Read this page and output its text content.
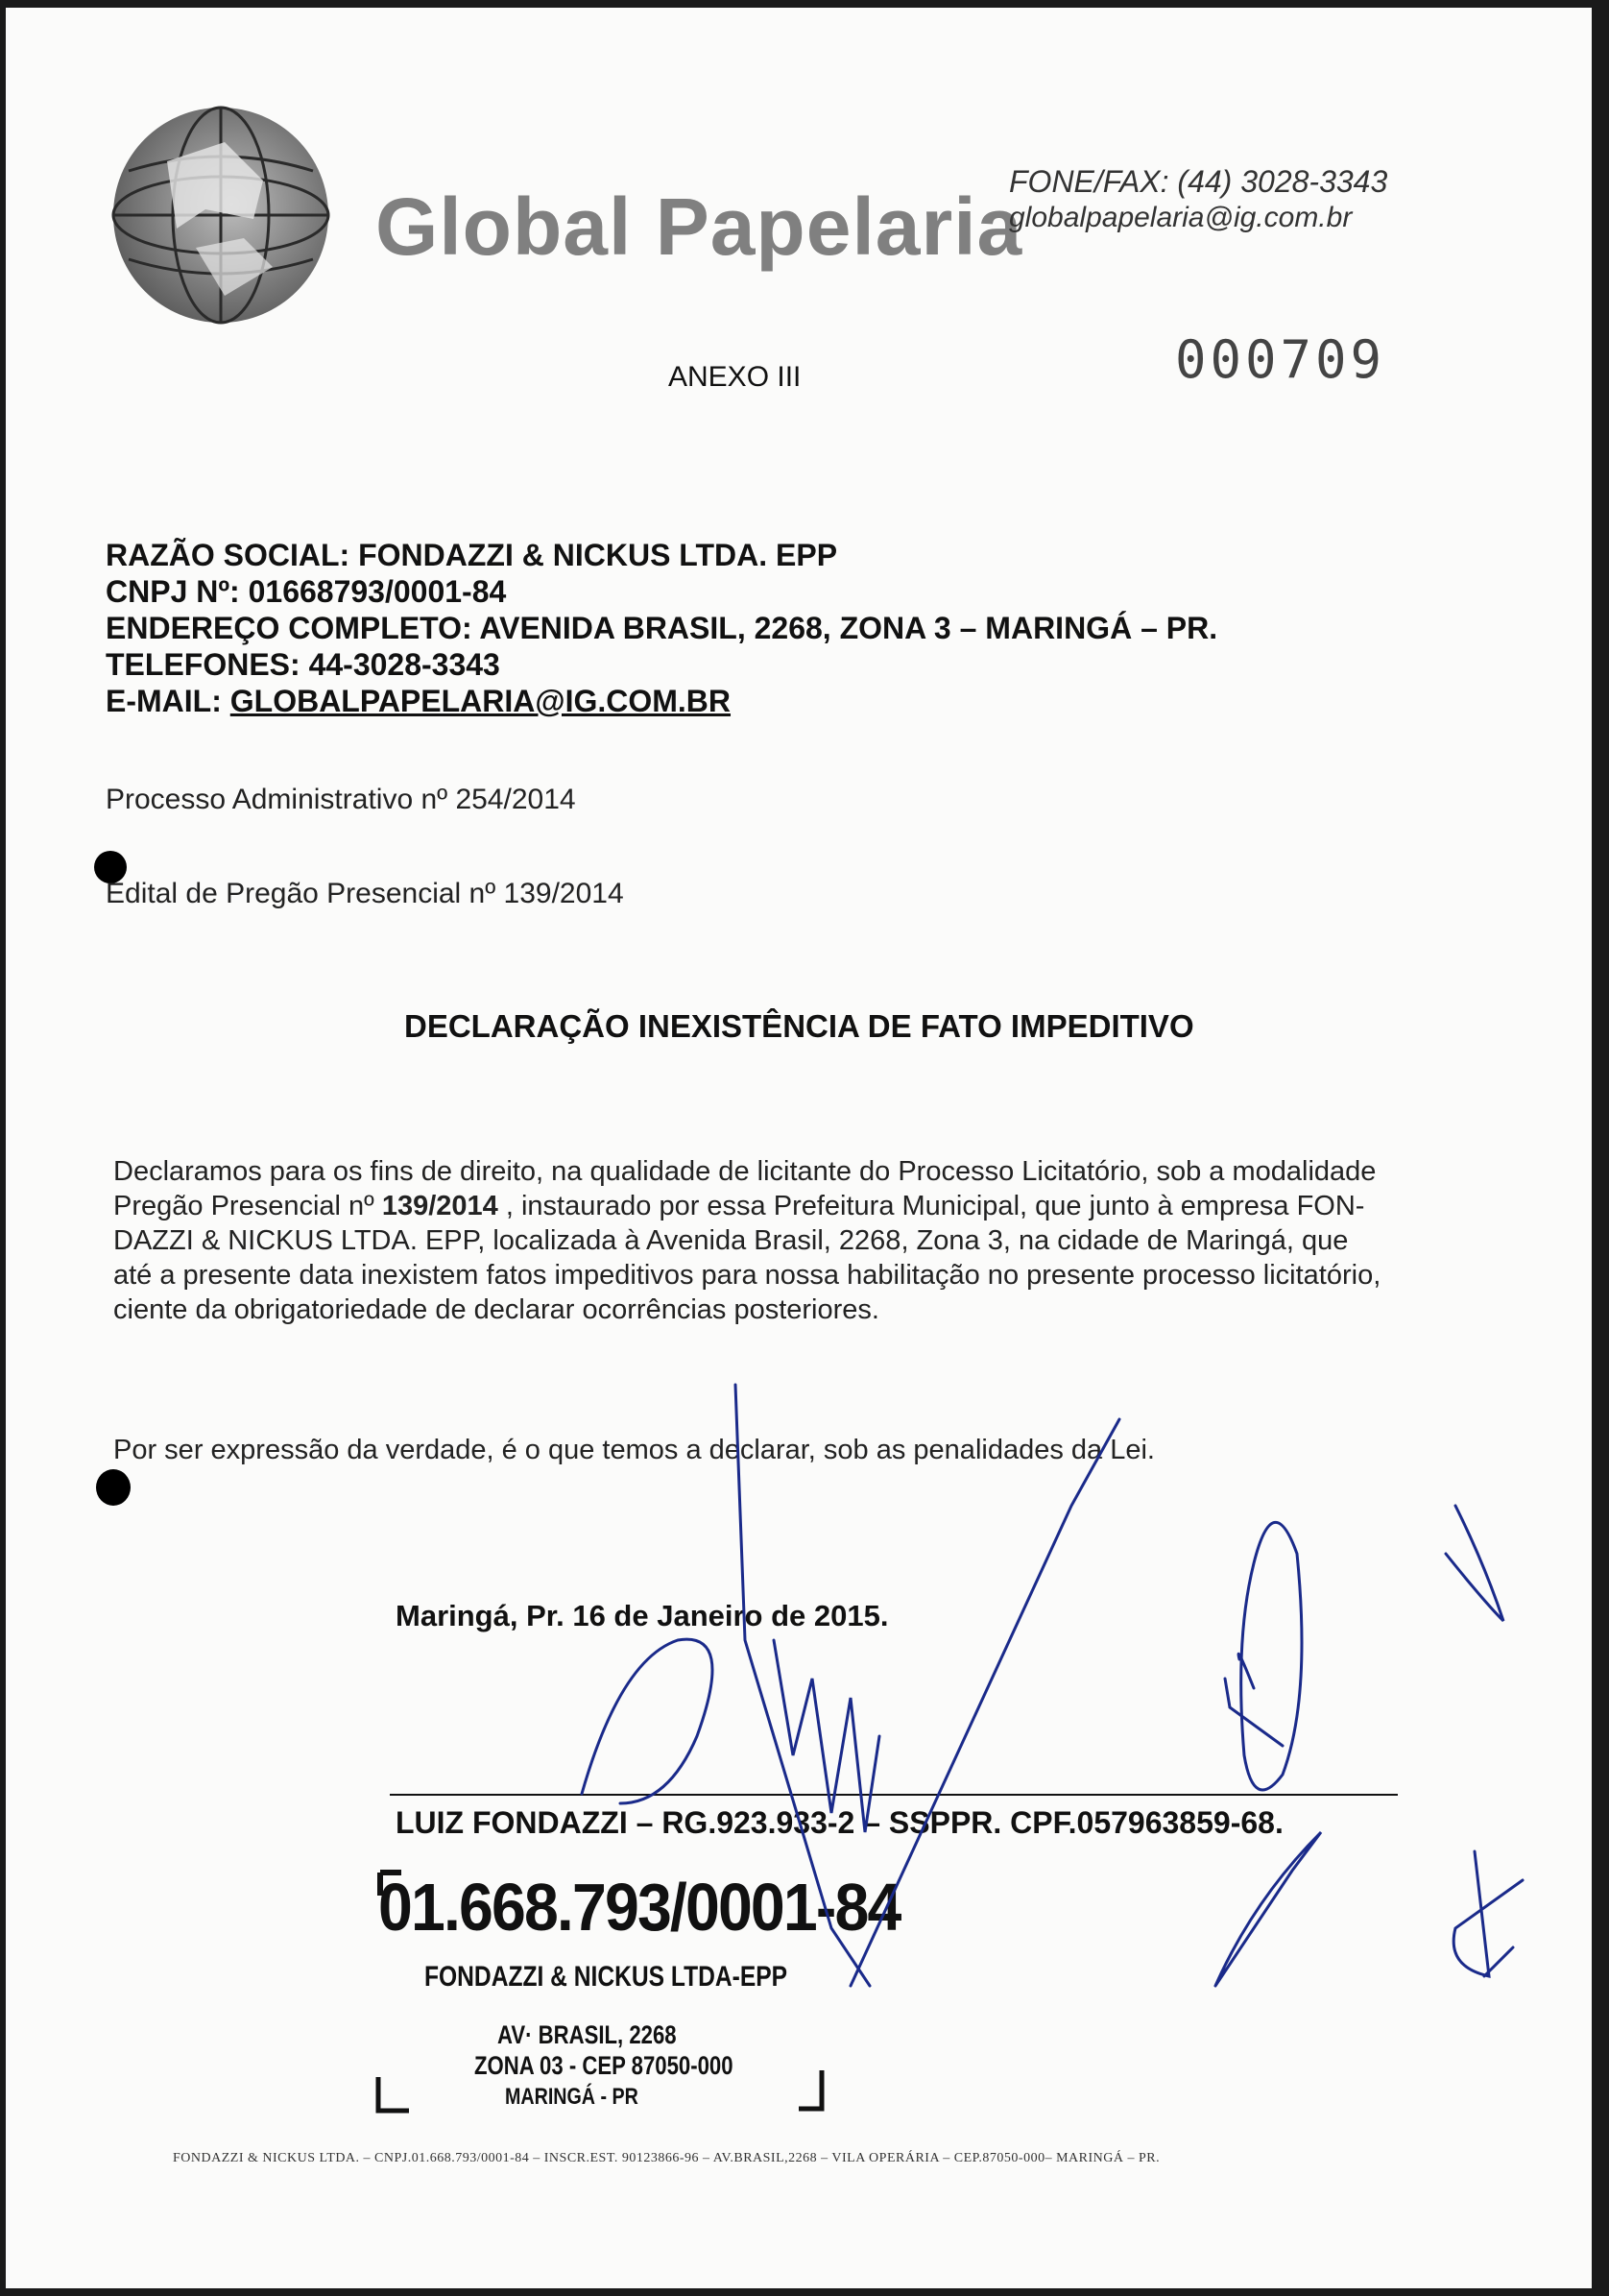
Global Papelaria
FONE/FAX: (44) 3028-3343
globalpapelaria@ig.com.br
ANEXO III	000709
RAZÃO SOCIAL: FONDAZZI & NICKUS LTDA. EPP
CNPJ Nº: 01668793/0001-84
ENDEREÇO COMPLETO: AVENIDA BRASIL, 2268, ZONA 3 – MARINGÁ – PR.
TELEFONES: 44-3028-3343
E-MAIL: GLOBALPAPELARIA@IG.COM.BR
Processo Administrativo nº 254/2014
Edital de Pregão Presencial nº 139/2014
DECLARAÇÃO INEXISTÊNCIA DE FATO IMPEDITIVO
Declaramos para os fins de direito, na qualidade de licitante do Processo Licitatório, sob a modalidade
Pregão Presencial nº 139/2014 , instaurado por essa Prefeitura Municipal, que junto à empresa FON-
DAZZI & NICKUS LTDA. EPP, localizada à Avenida Brasil, 2268, Zona 3, na cidade de Maringá, que
até a presente data inexistem fatos impeditivos para nossa habilitação no presente processo licitatório,
ciente da obrigatoriedade de declarar ocorrências posteriores.
Por ser expressão da verdade, é o que temos a declarar, sob as penalidades da Lei.
Maringá, Pr. 16 de Janeiro de 2015.
LUIZ FONDAZZI – RG.923.933-2 – SSPPR. CPF.057963859-68.
01.668.793/0001-84
FONDAZZI & NICKUS LTDA-EPP
AV· BRASIL, 2268
ZONA 03 - CEP 87050-000
MARINGÁ - PR
FONDAZZI & NICKUS LTDA. – CNPJ.01.668.793/0001-84 – INSCR.EST. 90123866-96 – AV.BRASIL,2268 – VILA OPERÁRIA – CEP.87050-000– MARINGÁ – PR.
